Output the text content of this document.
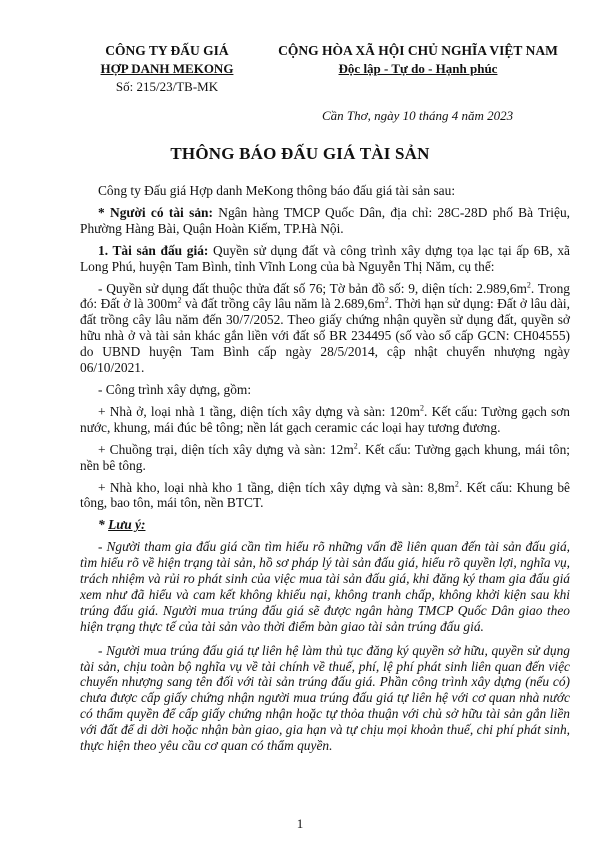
CÔNG TY ĐẤU GIÁ
HỢP DANH MEKONG
Số: 215/23/TB-MK
CỘNG HÒA XÃ HỘI CHỦ NGHĨA VIỆT NAM
Độc lập - Tự do - Hạnh phúc
Cần Thơ, ngày 10 tháng 4 năm 2023
THÔNG BÁO ĐẤU GIÁ TÀI SẢN

Công ty Đấu giá Hợp danh MeKong thông báo đấu giá tài sản sau:

* Người có tài sản: Ngân hàng TMCP Quốc Dân, địa chỉ: 28C-28D phố Bà Triệu, Phường Hàng Bài, Quận Hoàn Kiếm, TP.Hà Nội.

1. Tài sản đấu giá: Quyền sử dụng đất và công trình xây dựng tọa lạc tại ấp 6B, xã Long Phú, huyện Tam Bình, tỉnh Vĩnh Long của bà Nguyễn Thị Năm, cụ thể:

- Quyền sử dụng đất thuộc thửa đất số 76; Tờ bản đồ số: 9, diện tích: $2.989,6m^2$. Trong đó: Đất ở là $300m^2$ và đất trồng cây lâu năm là $2.689,6m^2$. Thời hạn sử dụng: Đất ở lâu dài, đất trồng cây lâu năm đến 30/7/2052. Theo giấy chứng nhận quyền sử dụng đất, quyền sở hữu nhà ở và tài sản khác gắn liền với đất số BR 234495 (số vào sổ cấp GCN: CH04555) do UBND huyện Tam Bình cấp ngày 28/5/2014, cập nhật chuyển nhượng ngày 06/10/2021.

- Công trình xây dựng, gồm:

+ Nhà ở, loại nhà 1 tầng, diện tích xây dựng và sàn: $120m^2$. Kết cấu: Tường gạch sơn nước, khung, mái đúc bê tông; nền lát gạch ceramic các loại hay tương đương.

+ Chuồng trại, diện tích xây dựng và sàn: $12m^2$. Kết cấu: Tường gạch khung, mái tôn; nền bê tông.

+ Nhà kho, loại nhà kho 1 tầng, diện tích xây dựng và sàn: $8,8m^2$. Kết cấu: Khung bê tông, bao tôn, mái tôn, nền BTCT.

* Lưu ý:

- Người tham gia đấu giá cần tìm hiểu rõ những vấn đề liên quan đến tài sản đấu giá, tìm hiểu rõ về hiện trạng tài sản, hồ sơ pháp lý tài sản đấu giá, hiểu rõ quyền lợi, nghĩa vụ, trách nhiệm và rủi ro phát sinh của việc mua tài sản đấu giá, khi đăng ký tham gia đấu giá xem như đã hiểu và cam kết không khiếu nại, không tranh chấp, không khởi kiện sau khi trúng đấu giá. Người mua trúng đấu giá sẽ được ngân hàng TMCP Quốc Dân giao theo hiện trạng thực tế của tài sản vào thời điểm bàn giao tài sản trúng đấu giá.

- Người mua trúng đấu giá tự liên hệ làm thủ tục đăng ký quyền sở hữu, quyền sử dụng tài sản, chịu toàn bộ nghĩa vụ về tài chính về thuế, phí, lệ phí phát sinh liên quan đến việc chuyển nhượng sang tên đối với tài sản trúng đấu giá. Phần công trình xây dựng (nếu có) chưa được cấp giấy chứng nhận người mua trúng đấu giá tự liên hệ với cơ quan nhà nước có thẩm quyền để cấp giấy chứng nhận hoặc tự thỏa thuận với chủ sở hữu tài sản gắn liền với đất để di dời hoặc nhận bàn giao, gia hạn và tự chịu mọi khoản thuế, chi phí phát sinh, thực hiện theo yêu cầu cơ quan có thẩm quyền.

1
